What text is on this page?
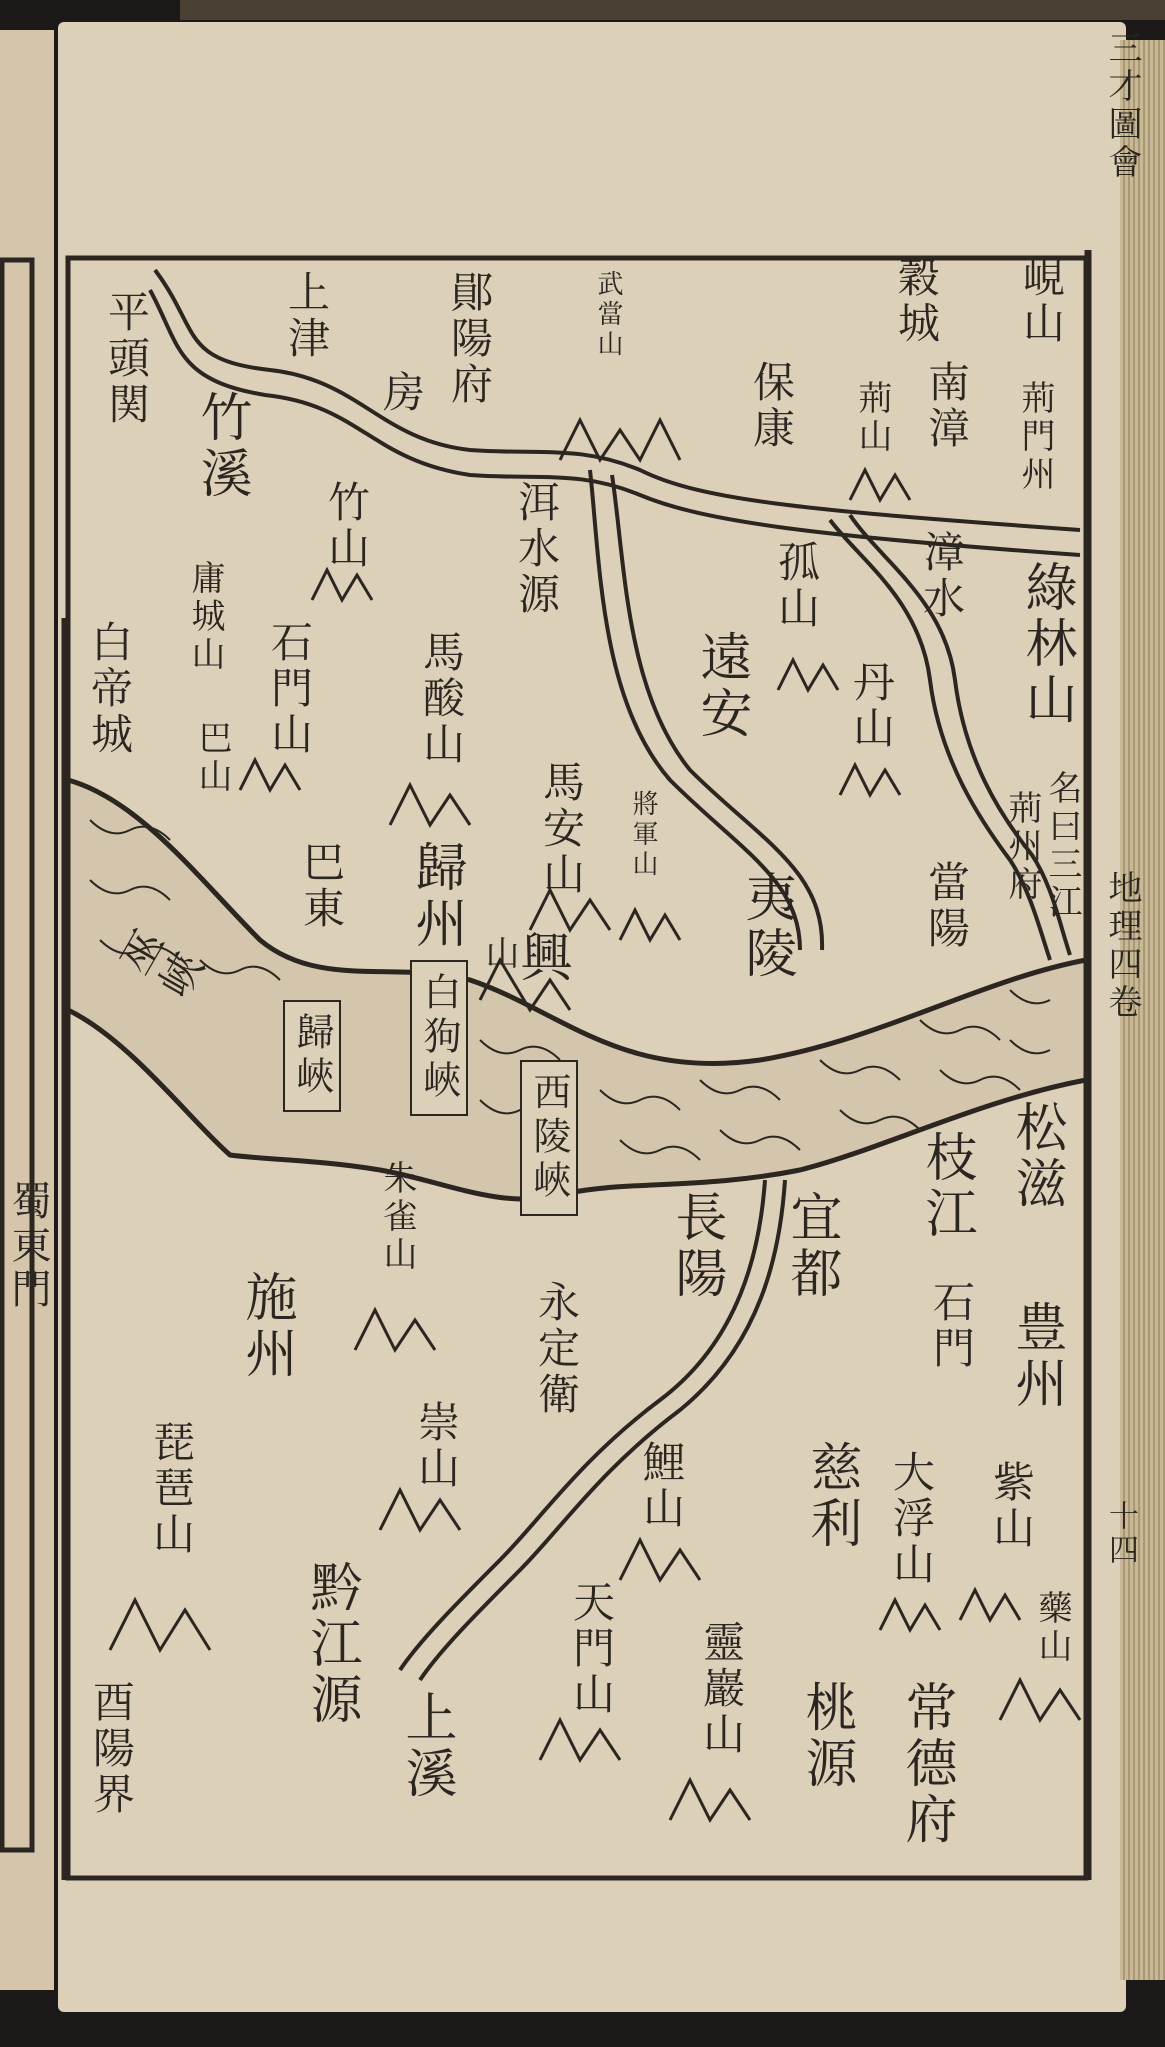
蜀東門
三才圖會
地理四卷
十四
平頭関	上津	鄖陽府	武當山	穀城 峴山
房	保康	南漳
荊山	荊門州
竹溪
竹山
庸城山	洱水源	漳水 綠林山
孤山
遠安 丹山
白帝城	石門山
巴山	馬酸山
馬安山 將軍山	荊州府 名曰三江
當陽
巴東 歸州
興
山	夷陵
巫峽
歸峽 白狗峽
西陵峽	松滋
枝江
宜都
長陽
朱雀山
施州	永定衛	石門 豊州
琵琶山	崇山	鯉山 慈利 大浮山 紫山
藥山
黔江源	天門山 靈巖山 桃源 常德府
上溪
酉陽界
